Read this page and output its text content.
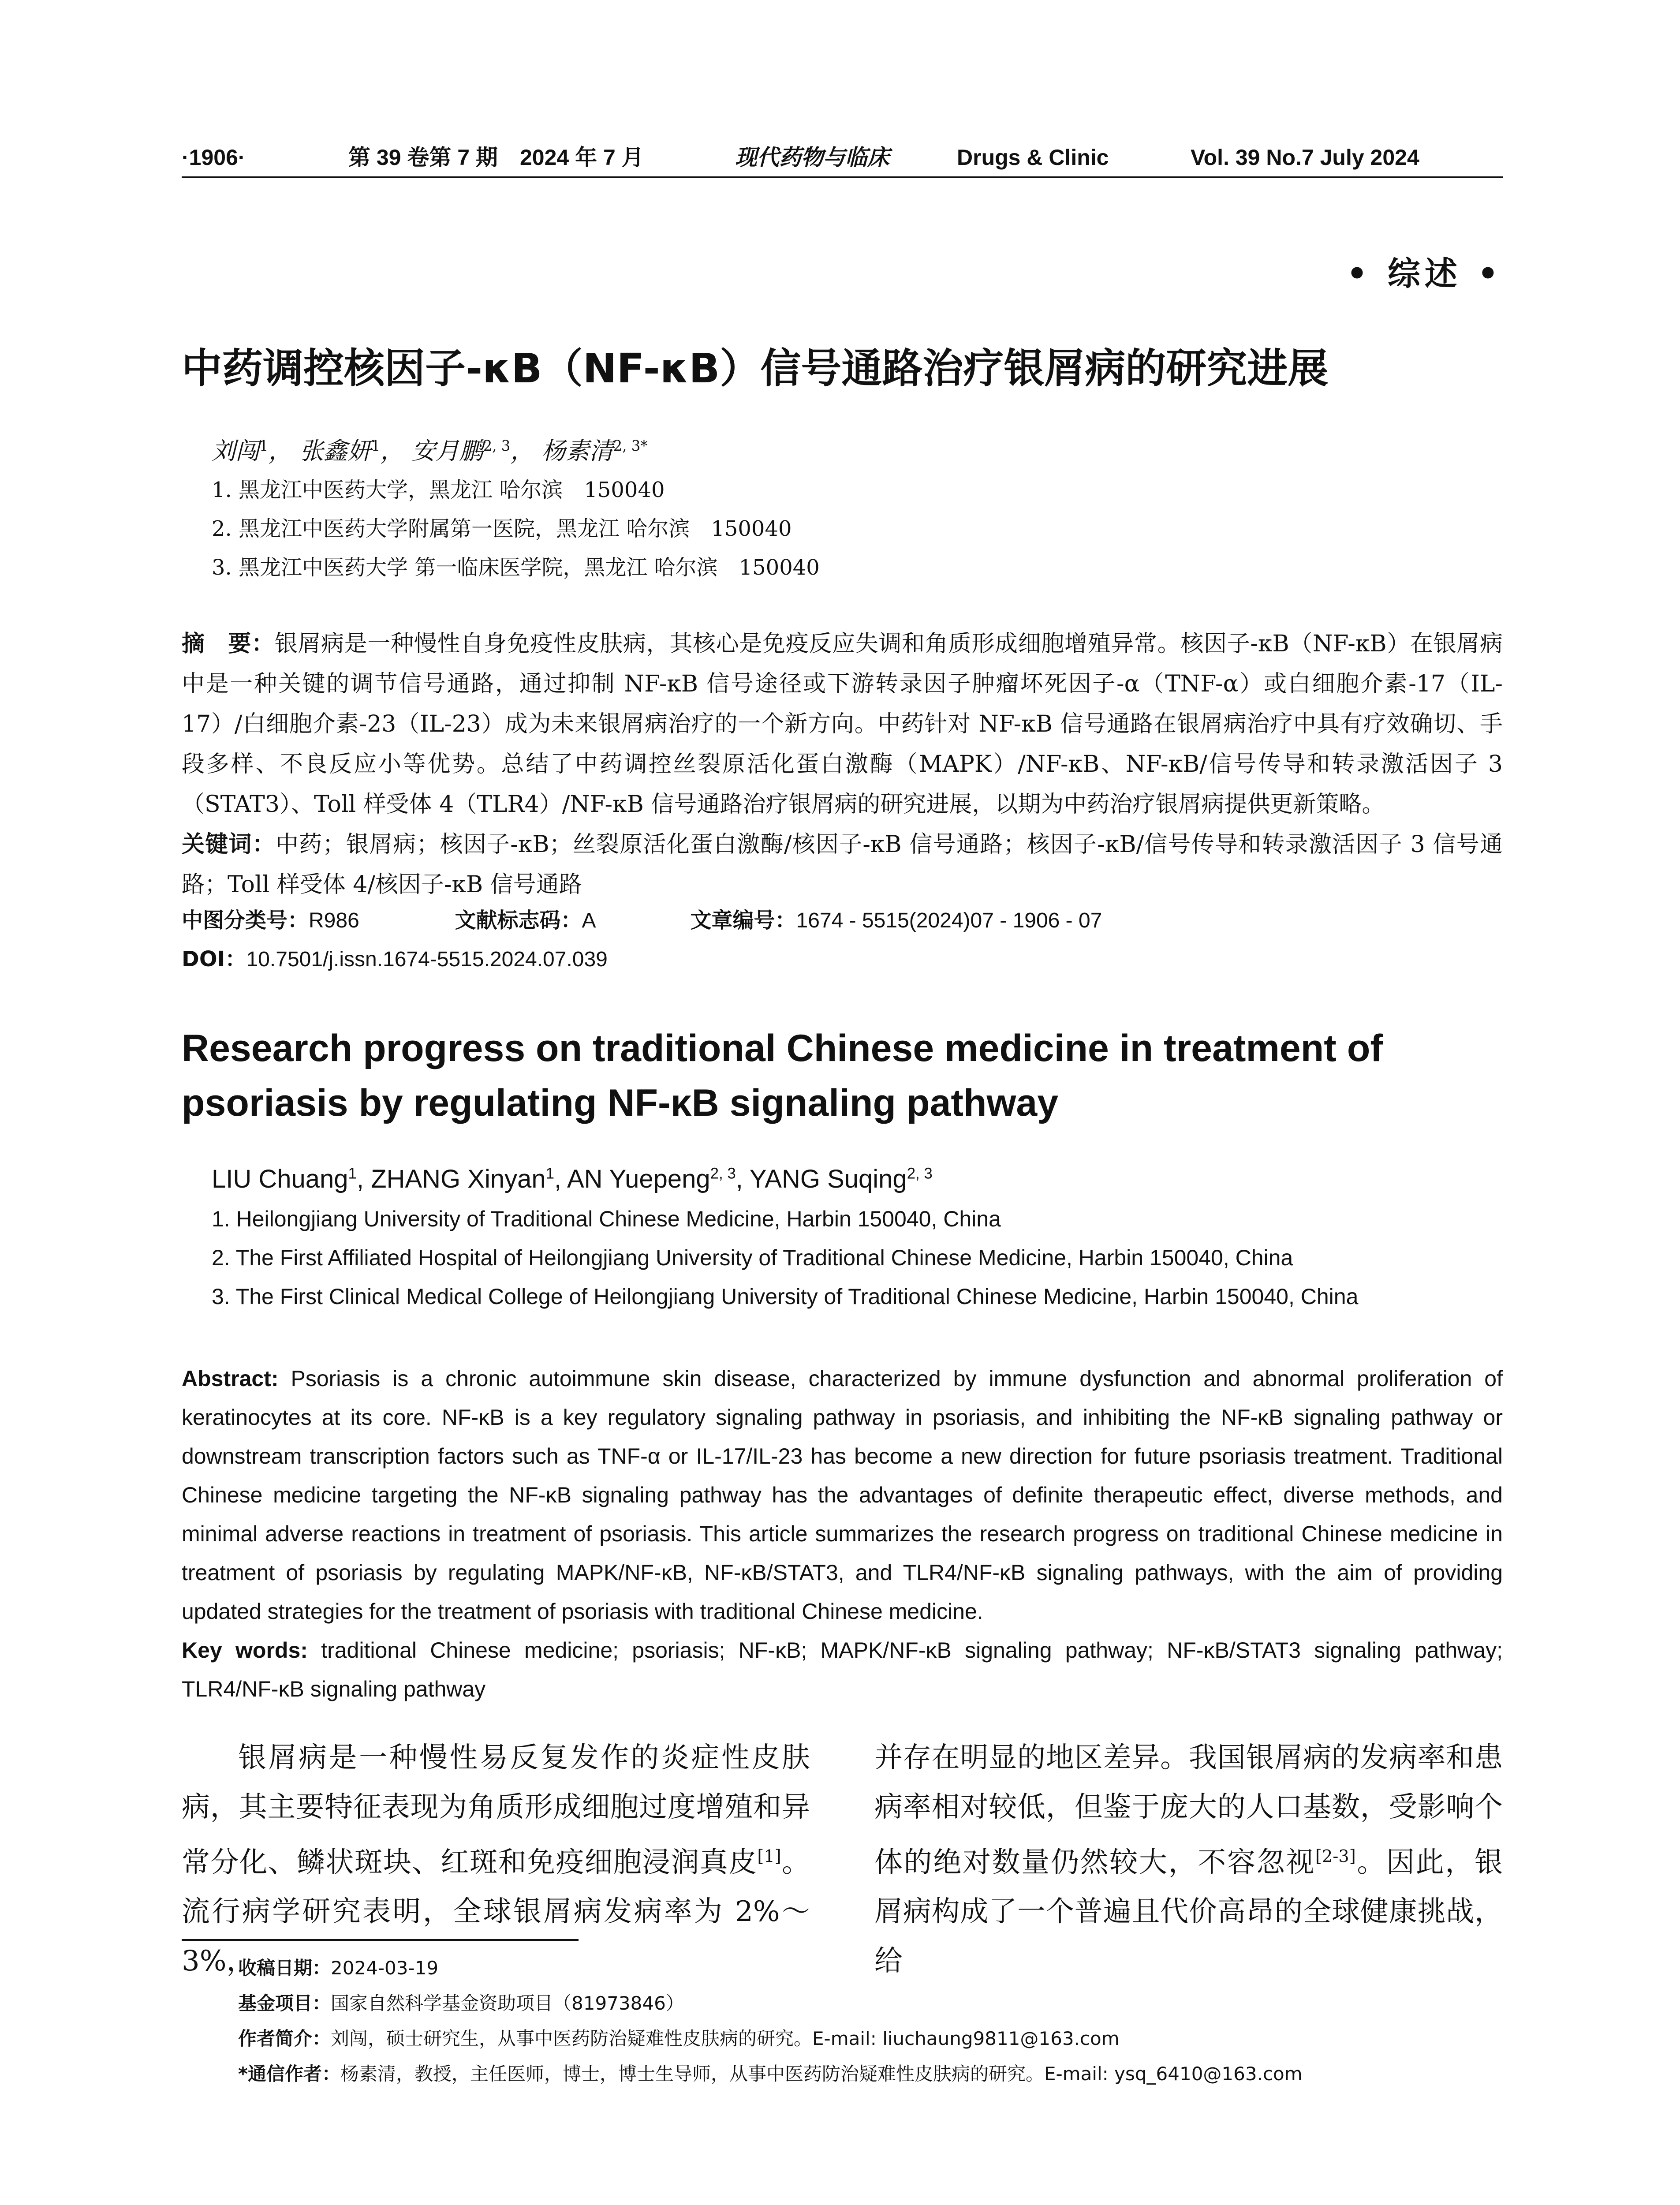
·1906·	第 39 卷第 7 期　2024 年 7 月	现代药物与临床	Drugs & Clinic	Vol. 39 No.7 July 2024
• 综述 •
中药调控核因子-κB（NF-κB）信号通路治疗银屑病的研究进展
刘闯$^1$， 张鑫妍$^1$， 安月鹏$^{2, 3}$， 杨素清$^{2, 3*}$
1. 黑龙江中医药大学，黑龙江 哈尔滨　150040
2. 黑龙江中医药大学附属第一医院，黑龙江 哈尔滨　150040
3. 黑龙江中医药大学 第一临床医学院，黑龙江 哈尔滨　150040

摘　要：银屑病是一种慢性自身免疫性皮肤病，其核心是免疫反应失调和角质形成细胞增殖异常。核因子-κB（NF-κB）在银屑病中是一种关键的调节信号通路，通过抑制 NF-κB 信号途径或下游转录因子肿瘤坏死因子-α（TNF-α）或白细胞介素-17（IL-17）/白细胞介素-23（IL-23）成为未来银屑病治疗的一个新方向。中药针对 NF-κB 信号通路在银屑病治疗中具有疗效确切、手段多样、不良反应小等优势。总结了中药调控丝裂原活化蛋白激酶（MAPK）/NF-κB、NF-κB/信号传导和转录激活因子 3（STAT3）、Toll 样受体 4（TLR4）/NF-κB 信号通路治疗银屑病的研究进展，以期为中药治疗银屑病提供更新策略。

关键词：中药；银屑病；核因子-κB；丝裂原活化蛋白激酶/核因子-κB 信号通路；核因子-κB/信号传导和转录激活因子 3 信号通路；Toll 样受体 4/核因子-κB 信号通路

中图分类号：R986	文献标志码：A	文章编号：1674 - 5515(2024)07 - 1906 - 07
DOI：10.7501/j.issn.1674-5515.2024.07.039
Research progress on traditional Chinese medicine in treatment of psoriasis by regulating NF-κB signaling pathway
LIU Chuang$^1$, ZHANG Xinyan$^1$, AN Yuepeng$^{2, 3}$, YANG Suqing$^{2, 3}$
1. Heilongjiang University of Traditional Chinese Medicine, Harbin 150040, China
2. The First Affiliated Hospital of Heilongjiang University of Traditional Chinese Medicine, Harbin 150040, China
3. The First Clinical Medical College of Heilongjiang University of Traditional Chinese Medicine, Harbin 150040, China

Abstract: Psoriasis is a chronic autoimmune skin disease, characterized by immune dysfunction and abnormal proliferation of keratinocytes at its core. NF-κB is a key regulatory signaling pathway in psoriasis, and inhibiting the NF-κB signaling pathway or downstream transcription factors such as TNF-α or IL-17/IL-23 has become a new direction for future psoriasis treatment. Traditional Chinese medicine targeting the NF-κB signaling pathway has the advantages of definite therapeutic effect, diverse methods, and minimal adverse reactions in treatment of psoriasis. This article summarizes the research progress on traditional Chinese medicine in treatment of psoriasis by regulating MAPK/NF-κB, NF-κB/STAT3, and TLR4/NF-κB signaling pathways, with the aim of providing updated strategies for the treatment of psoriasis with traditional Chinese medicine.

Key words: traditional Chinese medicine; psoriasis; NF-κB; MAPK/NF-κB signaling pathway; NF-κB/STAT3 signaling pathway; TLR4/NF-κB signaling pathway

银屑病是一种慢性易反复发作的炎症性皮肤病，其主要特征表现为角质形成细胞过度增殖和异常分化、鳞状斑块、红斑和免疫细胞浸润真皮[1]。流行病学研究表明，全球银屑病发病率为 2%～3%，

并存在明显的地区差异。我国银屑病的发病率和患病率相对较低，但鉴于庞大的人口基数，受影响个体的绝对数量仍然较大，不容忽视[2-3]。因此，银屑病构成了一个普遍且代价高昂的全球健康挑战，给

收稿日期：2024-03-19
基金项目：国家自然科学基金资助项目（81973846）
作者简介：刘闯，硕士研究生，从事中医药防治疑难性皮肤病的研究。E-mail: liuchaung9811@163.com
*通信作者：杨素清，教授，主任医师，博士，博士生导师，从事中医药防治疑难性皮肤病的研究。E-mail: ysq_6410@163.com
